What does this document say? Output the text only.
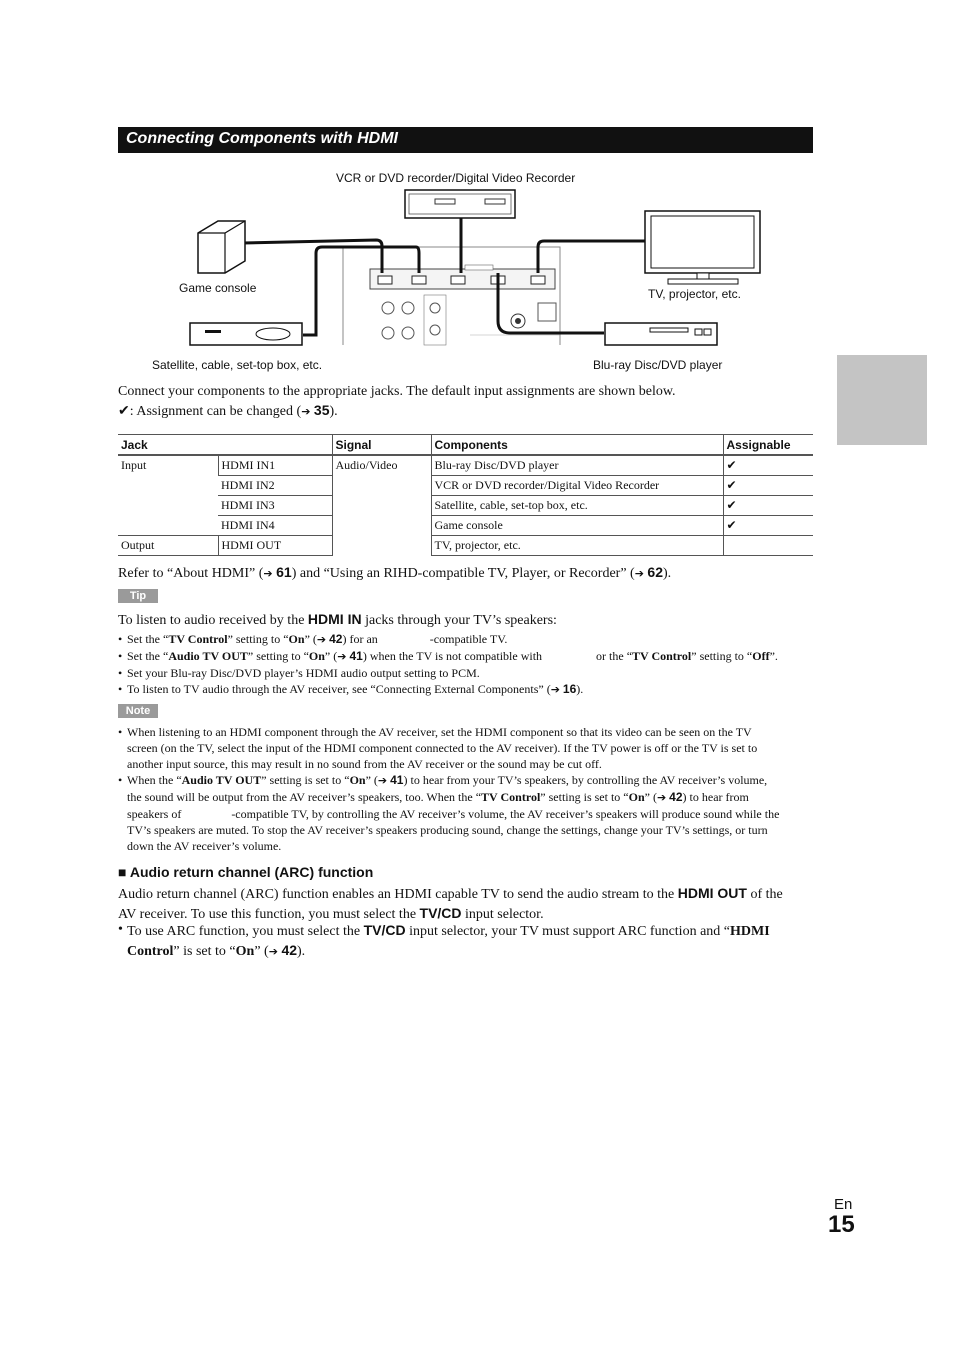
Connecting Components with HDMI
VCR or DVD recorder/Digital Video Recorder
Game console	TV, projector, etc.
Satellite, cable, set-top box, etc.	Blu-ray Disc/DVD player
Connect your components to the appropriate jacks. The default input assignments are shown below.
✔: Assignment can be changed (➔ 35).
Jack		Signal	Components	Assignable
Input	HDMI IN1	Audio/Video	Blu-ray Disc/DVD player	✔
	HDMI IN2		VCR or DVD recorder/Digital Video Recorder	✔
	HDMI IN3		Satellite, cable, set-top box, etc.	✔
	HDMI IN4		Game console	✔
Output	HDMI OUT		TV, projector, etc.	
Refer to “About HDMI” (➔ 61) and “Using an RIHD-compatible TV, Player, or Recorder” (➔ 62).
Tip
To listen to audio received by the HDMI IN jacks through your TV’s speakers:
• Set the “TV Control” setting to “On” (➔ 42) for an	-compatible TV.
• Set the “Audio TV OUT” setting to “On” (➔ 41) when the TV is not compatible with	or the “TV Control” setting to “Off”.
• Set your Blu-ray Disc/DVD player’s HDMI audio output setting to PCM.
• To listen to TV audio through the AV receiver, see “Connecting External Components” (➔ 16).
Note
• When listening to an HDMI component through the AV receiver, set the HDMI component so that its video can be seen on the TV
screen (on the TV, select the input of the HDMI component connected to the AV receiver). If the TV power is off or the TV is set to
another input source, this may result in no sound from the AV receiver or the sound may be cut off.
• When the “Audio TV OUT” setting is set to “On” (➔ 41) to hear from your TV’s speakers, by controlling the AV receiver’s volume,
the sound will be output from the AV receiver’s speakers, too. When the “TV Control” setting is set to “On” (➔ 42) to hear from
speakers of	-compatible TV, by controlling the AV receiver’s volume, the AV receiver’s speakers will produce sound while the
TV’s speakers are muted. To stop the AV receiver’s speakers producing sound, change the settings, change your TV’s settings, or turn
down the AV receiver’s volume.
■ Audio return channel (ARC) function
Audio return channel (ARC) function enables an HDMI capable TV to send the audio stream to the HDMI OUT of the
AV receiver. To use this function, you must select the TV/CD input selector.
• To use ARC function, you must select the TV/CD input selector, your TV must support ARC function and “HDMI
Control” is set to “On” (➔ 42).
En
15
